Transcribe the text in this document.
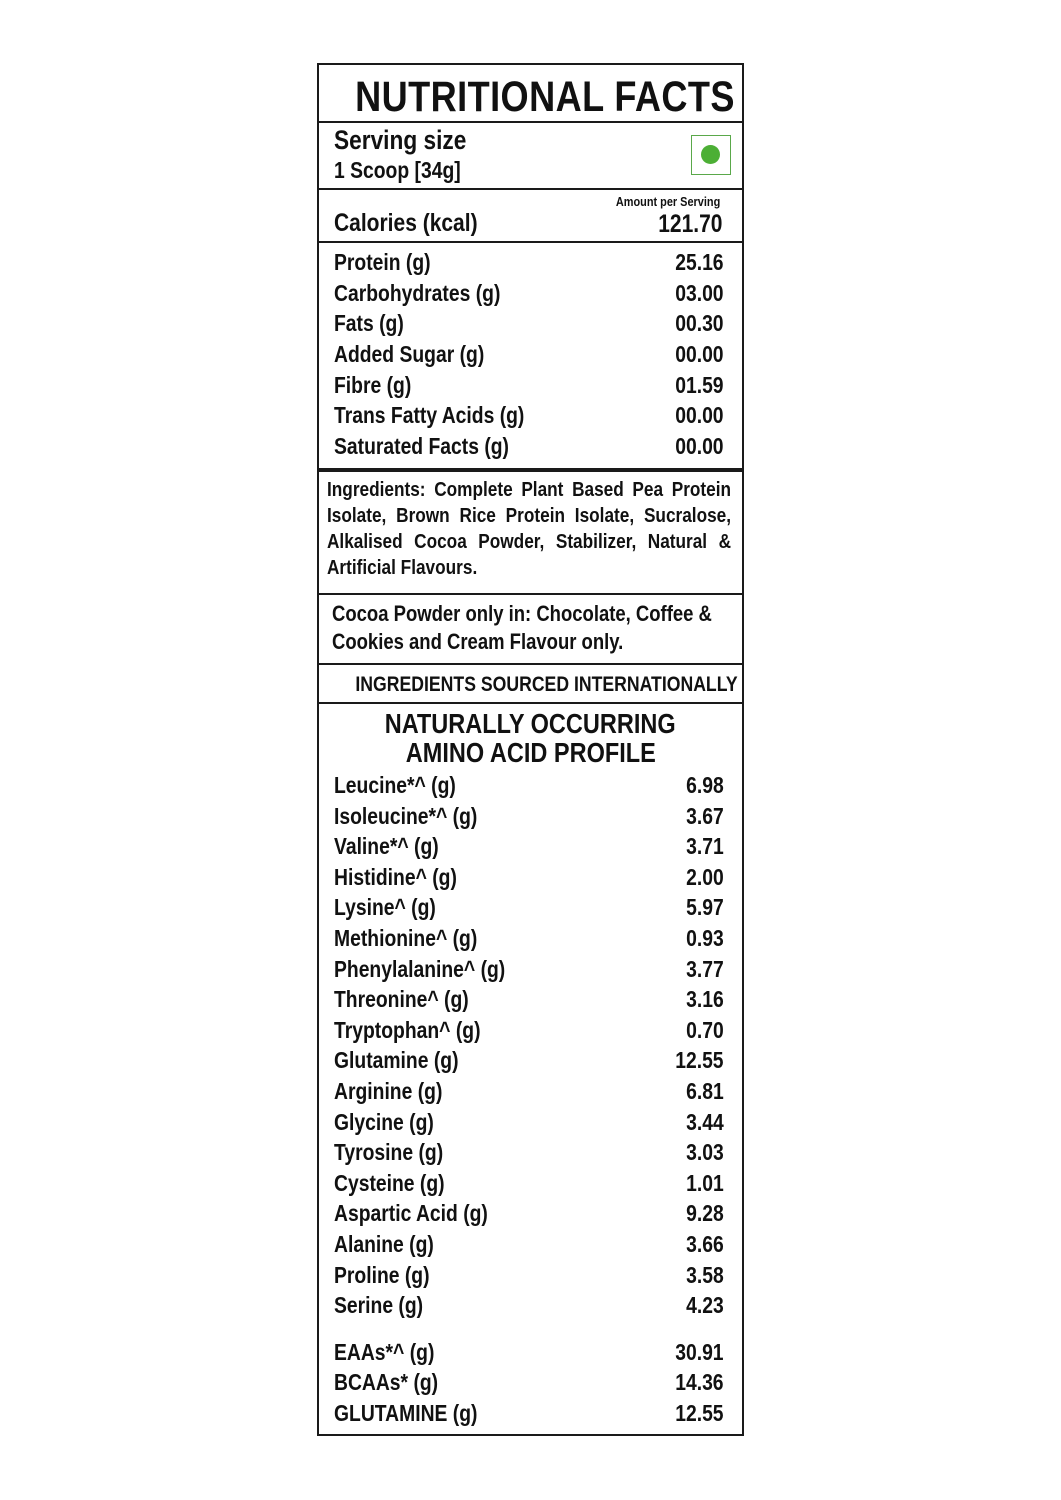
NUTRITIONAL FACTS
Serving size
1 Scoop [34g]
Amount per Serving
Calories (kcal)	121.70
Protein (g)	25.16
Carbohydrates (g)	03.00
Fats (g)	00.30
Added Sugar (g)	00.00
Fibre (g)	01.59
Trans Fatty Acids (g)	00.00
Saturated Facts (g)	00.00
Ingredients: Complete Plant Based Pea Protein Isolate, Brown Rice Protein Isolate, Sucralose, Alkalised Cocoa Powder, Stabilizer, Natural & Artificial Flavours.
Cocoa Powder only in: Chocolate, Coffee &
Cookies and Cream Flavour only.
INGREDIENTS SOURCED INTERNATIONALLY
NATURALLY OCCURRING
AMINO ACID PROFILE
Leucine*^ (g)	6.98
Isoleucine*^ (g)	3.67
Valine*^ (g)	3.71
Histidine^ (g)	2.00
Lysine^ (g)	5.97
Methionine^ (g)	0.93
Phenylalanine^ (g)	3.77
Threonine^ (g)	3.16
Tryptophan^ (g)	0.70
Glutamine (g)	12.55
Arginine (g)	6.81
Glycine (g)	3.44
Tyrosine (g)	3.03
Cysteine (g)	1.01
Aspartic Acid (g)	9.28
Alanine (g)	3.66
Proline (g)	3.58
Serine (g)	4.23
EAAs*^ (g)	30.91
BCAAs* (g)	14.36
GLUTAMINE (g)	12.55
